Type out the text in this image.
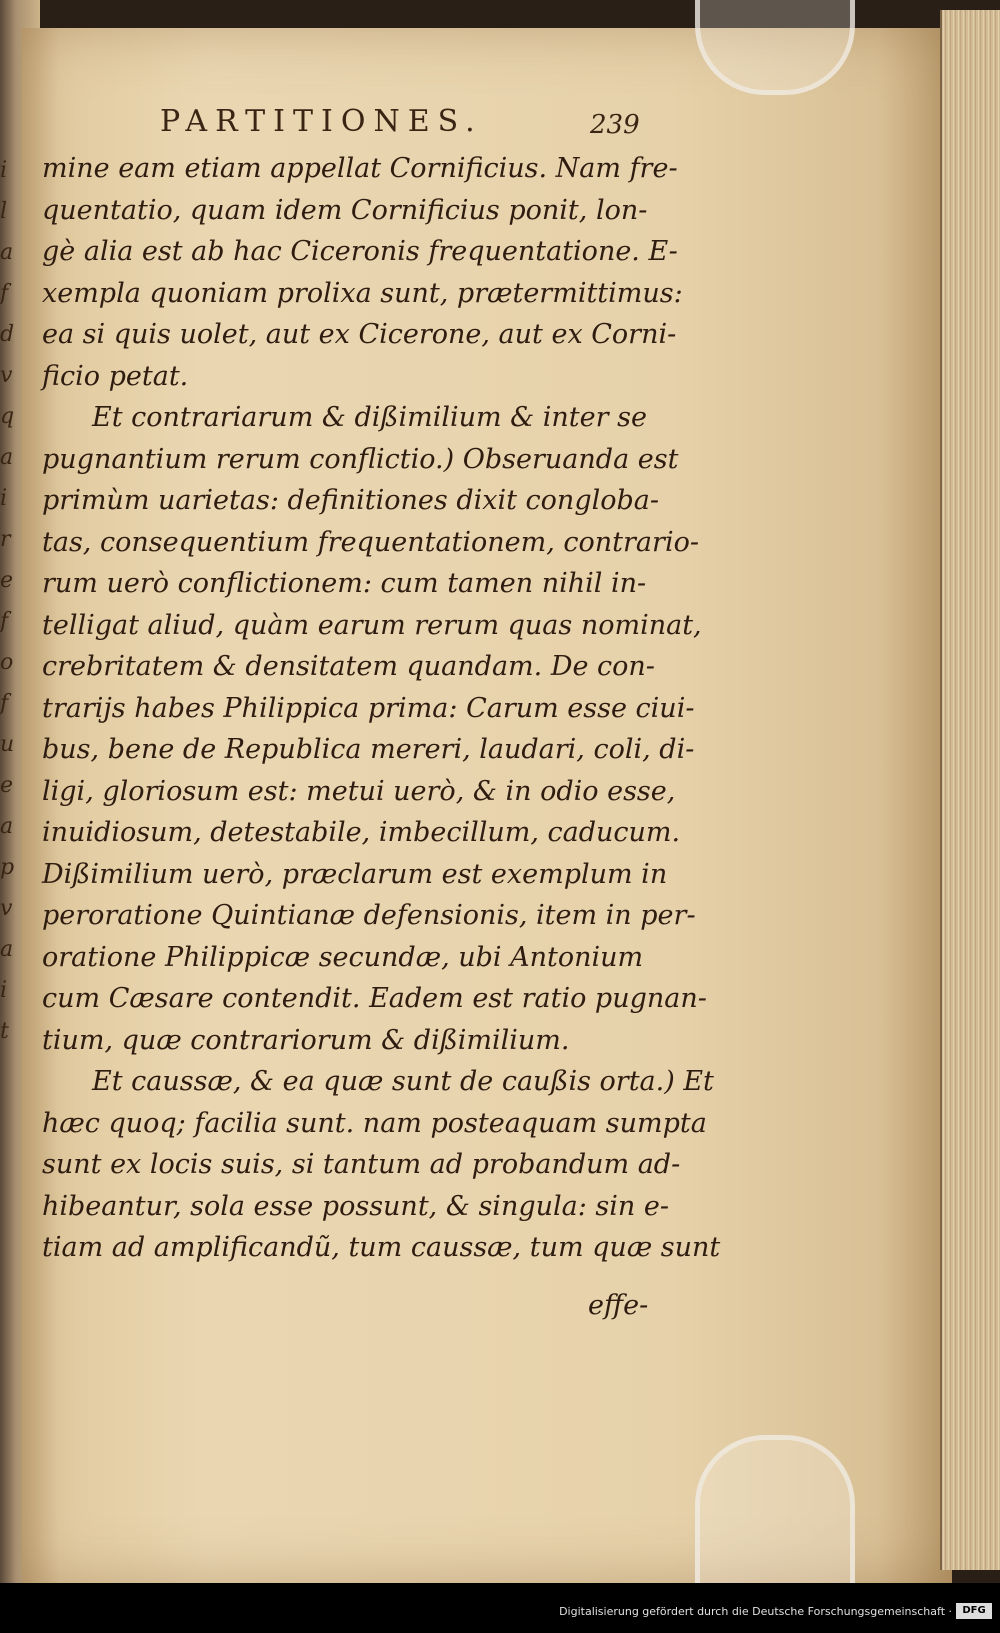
i
l
a
f
d
v
q
a
i
r
e
f
o
f
u
e
a
p
v
a
i
t
PARTITIONES.	239
mine eam etiam appellat Cornificius. Nam fre-
quentatio, quam idem Cornificius ponit, lon-
gè alia est ab hac Ciceronis frequentatione. E-
xempla quoniam prolixa sunt, prætermittimus:
ea si quis uolet, aut ex Cicerone, aut ex Corni-
ficio petat.
Et contrariarum & dißimilium & inter se
pugnantium rerum conflictio.) Obseruanda est
primùm uarietas: definitiones dixit congloba-
tas, consequentium frequentationem, contrario-
rum uerò conflictionem: cum tamen nihil in-
telligat aliud, quàm earum rerum quas nominat,
crebritatem & densitatem quandam. De con-
trarijs habes Philippica prima: Carum esse ciui-
bus, bene de Republica mereri, laudari, coli, di-
ligi, gloriosum est: metui uerò, & in odio esse,
inuidiosum, detestabile, imbecillum, caducum.
Dißimilium uerò, præclarum est exemplum in
peroratione Quintianæ defensionis, item in per-
oratione Philippicæ secundæ, ubi Antonium
cum Cæsare contendit. Eadem est ratio pugnan-
tium, quæ contrariorum & dißimilium.
Et caussæ, & ea quæ sunt de caußis orta.) Et
hæc quoq; facilia sunt. nam posteaquam sumpta
sunt ex locis suis, si tantum ad probandum ad-
hibeantur, sola esse possunt, & singula: sin e-
tiam ad amplificandũ, tum caussæ, tum quæ sunt
effe-
Digitalisierung gefördert durch die Deutsche Forschungsgemeinschaft ·	DFG
